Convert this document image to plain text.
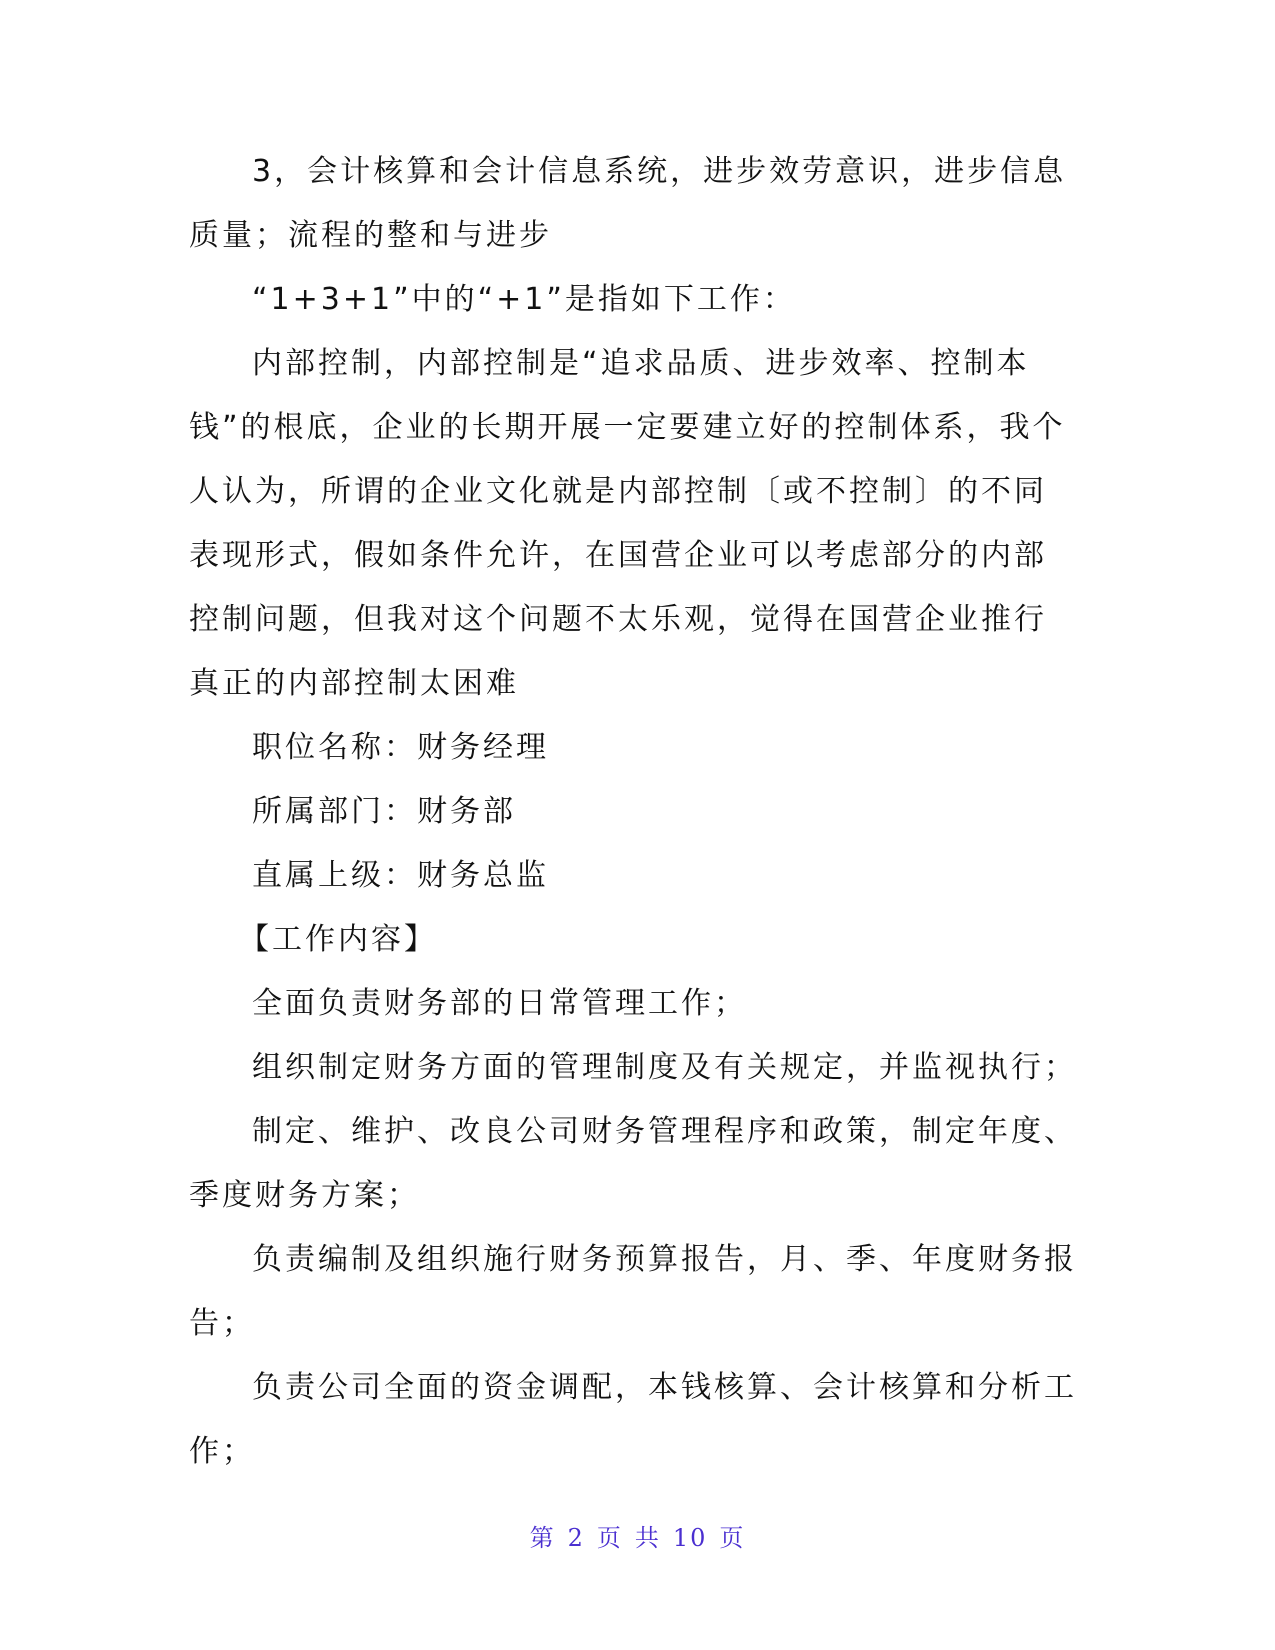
3，会计核算和会计信息系统，进步效劳意识，进步信息质量；流程的整和与进步

“1+3+1”中的“+1”是指如下工作：

内部控制，内部控制是“追求品质、进步效率、控制本钱”的根底，企业的长期开展一定要建立好的控制体系，我个人认为，所谓的企业文化就是内部控制〔或不控制〕的不同表现形式，假如条件允许，在国营企业可以考虑部分的内部控制问题，但我对这个问题不太乐观，觉得在国营企业推行真正的内部控制太困难

职位名称：财务经理

所属部门：财务部

直属上级：财务总监

【工作内容】

全面负责财务部的日常管理工作；

组织制定财务方面的管理制度及有关规定，并监视执行；

制定、维护、改良公司财务管理程序和政策，制定年度、季度财务方案；

负责编制及组织施行财务预算报告，月、季、年度财务报告；

负责公司全面的资金调配，本钱核算、会计核算和分析工作；

第 2 页 共 10 页
